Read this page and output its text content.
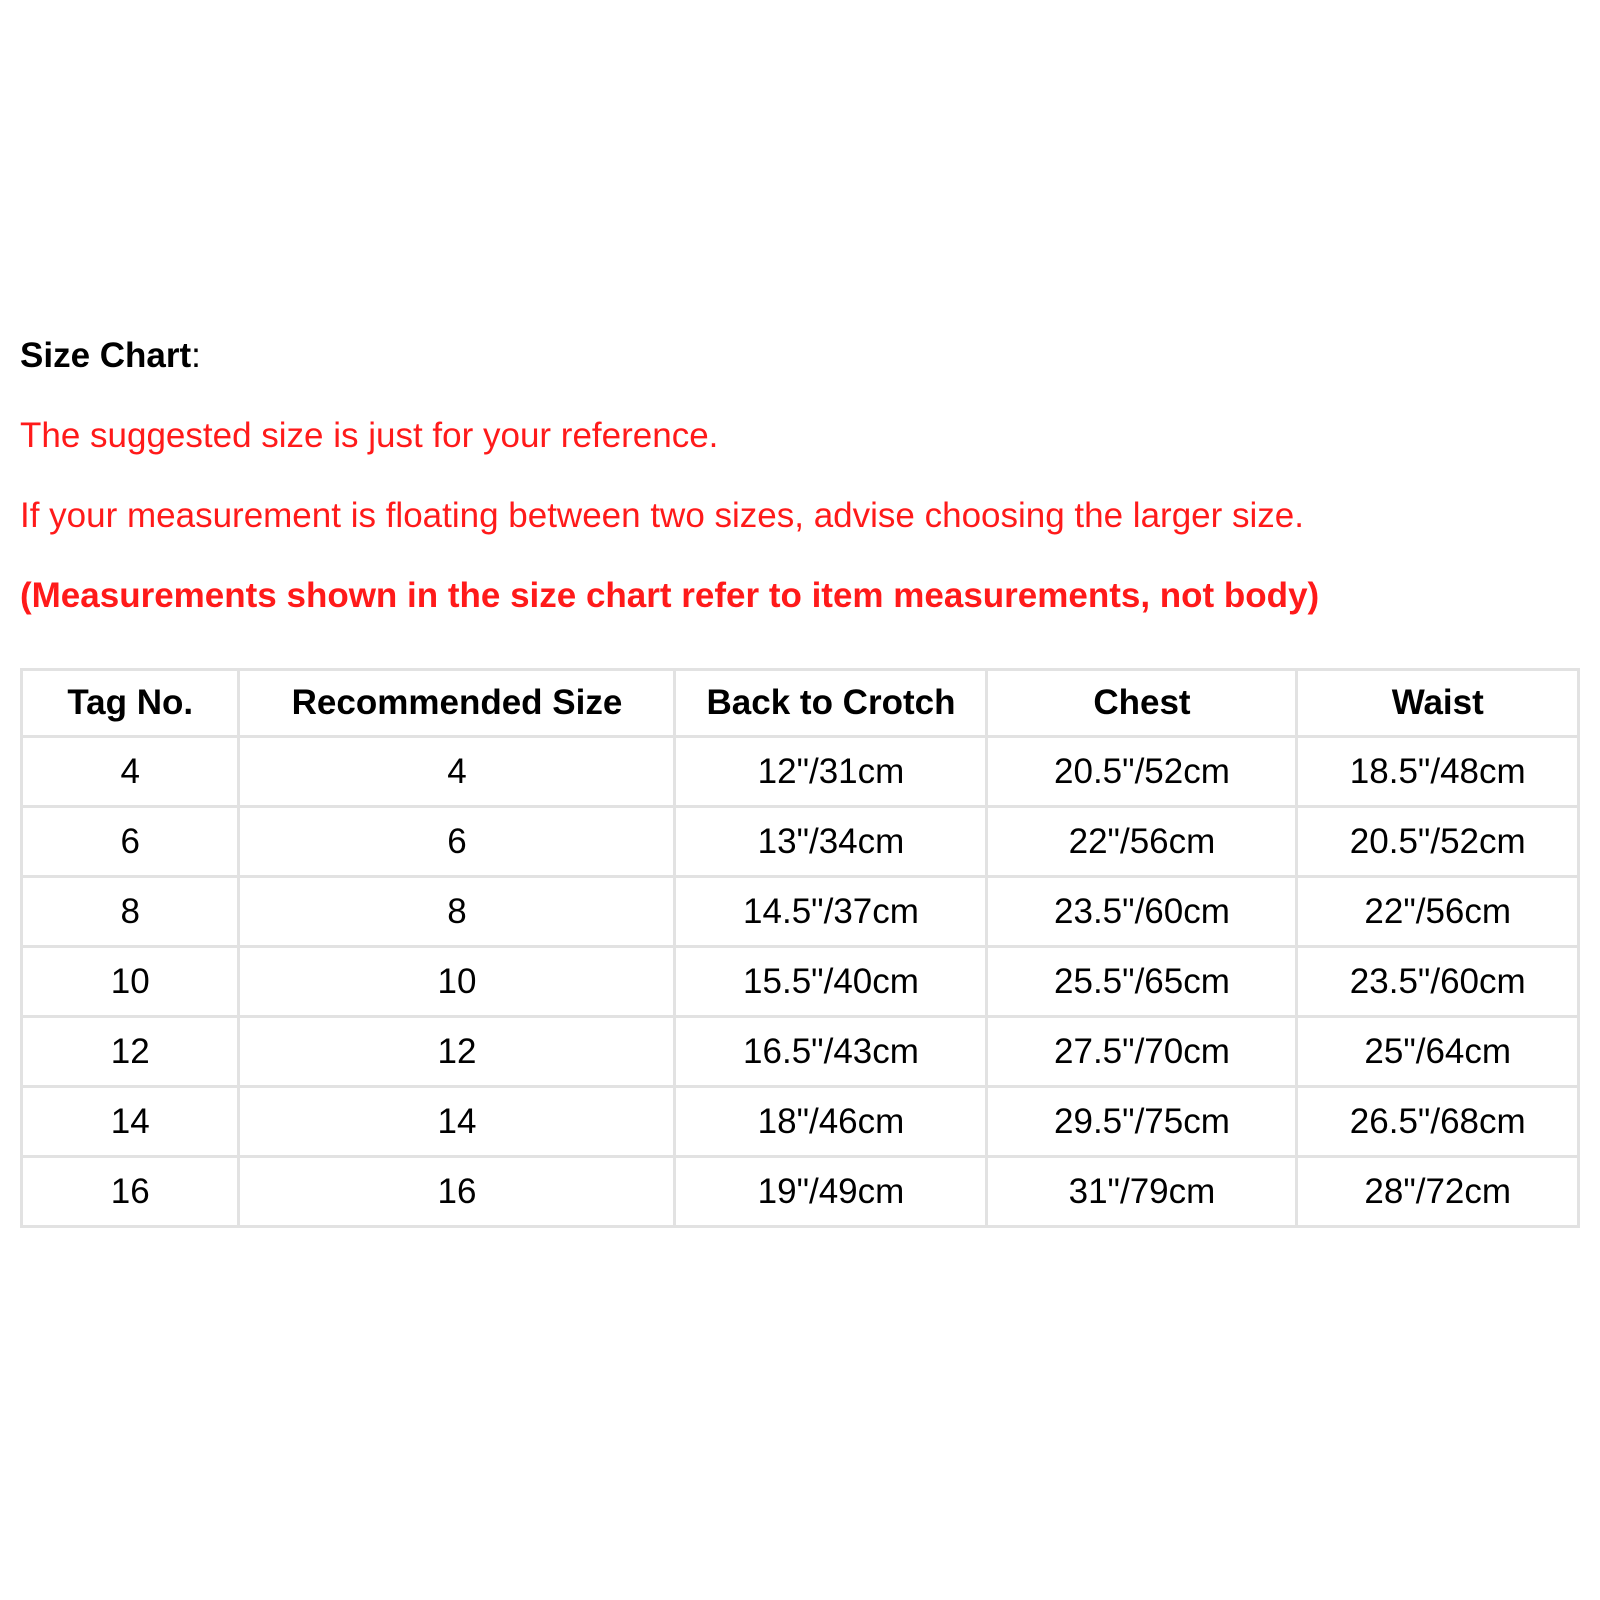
Size Chart:
The suggested size is just for your reference.
If your measurement is floating between two sizes, advise choosing the larger size.
(Measurements shown in the size chart refer to item measurements, not body)
Tag No.	Recommended Size	Back to Crotch	Chest	Waist
4	4	12"/31cm	20.5"/52cm	18.5"/48cm
6	6	13"/34cm	22"/56cm	20.5"/52cm
8	8	14.5"/37cm	23.5"/60cm	22"/56cm
10	10	15.5"/40cm	25.5"/65cm	23.5"/60cm
12	12	16.5"/43cm	27.5"/70cm	25"/64cm
14	14	18"/46cm	29.5"/75cm	26.5"/68cm
16	16	19"/49cm	31"/79cm	28"/72cm
